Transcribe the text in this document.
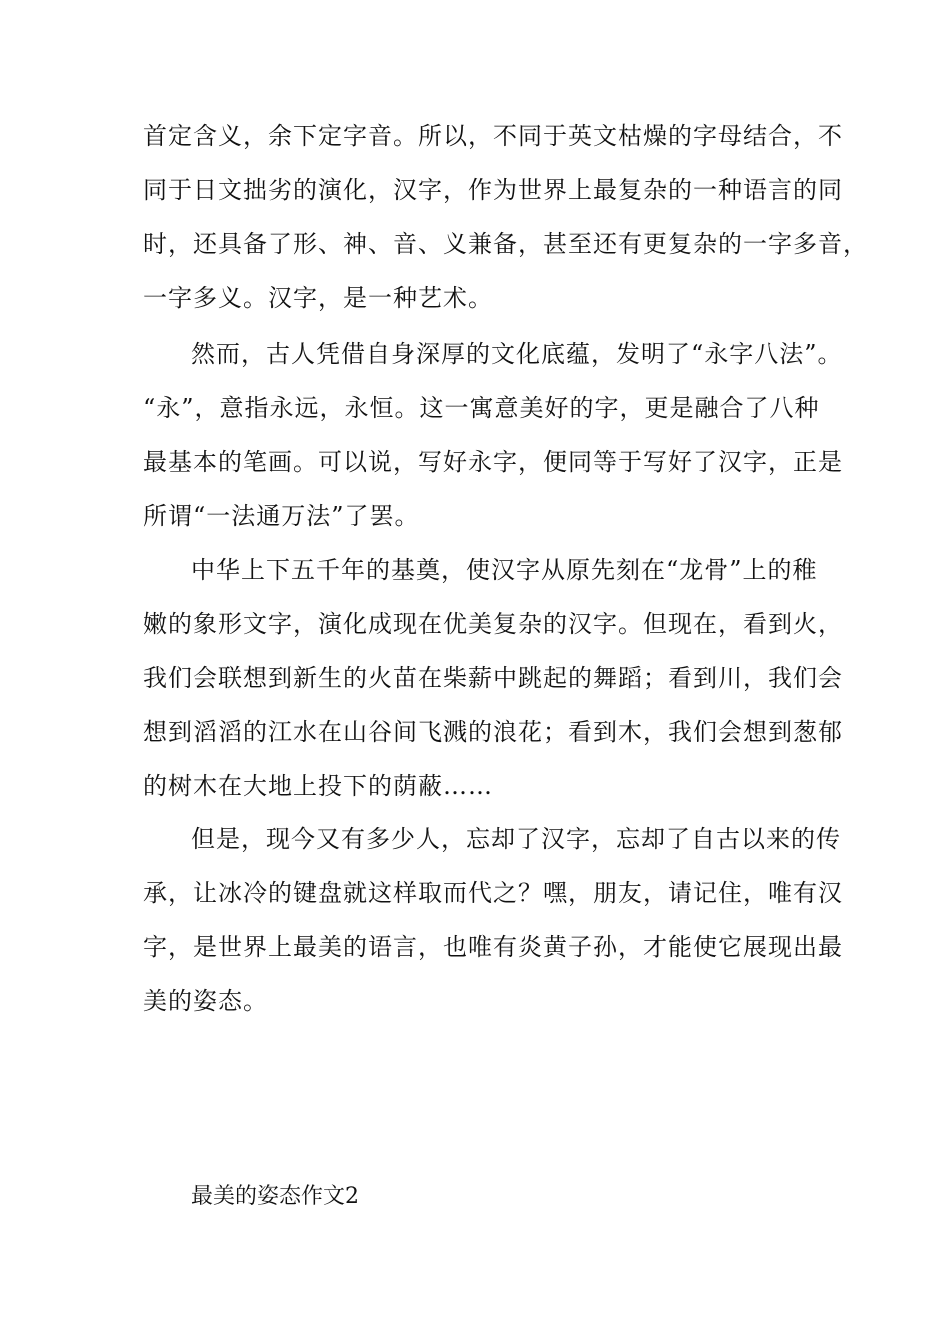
首定含义，余下定字音。所以，不同于英文枯燥的字母结合，不
同于日文拙劣的演化，汉字，作为世界上最复杂的一种语言的同
时，还具备了形、神、音、义兼备，甚至还有更复杂的一字多音，
一字多义。汉字，是一种艺术。

然而，古人凭借自身深厚的文化底蕴，发明了“永字八法”。
“永”，意指永远，永恒。这一寓意美好的字，更是融合了八种
最基本的笔画。可以说，写好永字，便同等于写好了汉字，正是
所谓“一法通万法”了罢。

中华上下五千年的基奠，使汉字从原先刻在“龙骨”上的稚
嫩的象形文字，演化成现在优美复杂的汉字。但现在，看到火，
我们会联想到新生的火苗在柴薪中跳起的舞蹈；看到川，我们会
想到滔滔的江水在山谷间飞溅的浪花；看到木，我们会想到葱郁
的树木在大地上投下的荫蔽……

但是，现今又有多少人，忘却了汉字，忘却了自古以来的传
承，让冰冷的键盘就这样取而代之？嘿，朋友，请记住，唯有汉
字，是世界上最美的语言，也唯有炎黄子孙，才能使它展现出最
美的姿态。

最美的姿态作文2
